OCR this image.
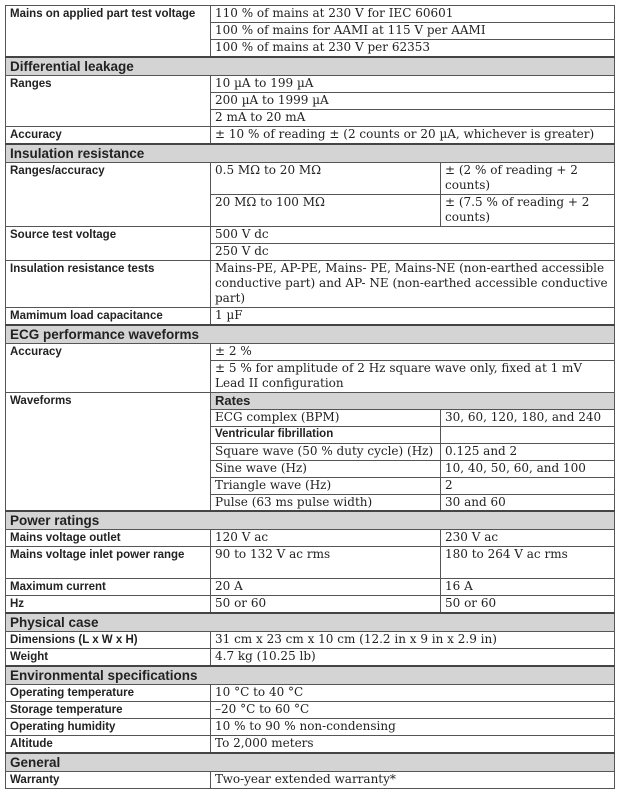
Mains on applied part test voltage	110 % of mains at 230 V for IEC 60601	
	100 % of mains for AAMI at 115 V per AAMI	
	100 % of mains at 230 V per 62353	
Differential leakage		
Ranges	10 µA to 199 µA	
	200 µA to 1999 µA	
	2 mA to 20 mA	
Accuracy	± 10 % of reading ± (2 counts or 20 µA, whichever is greater)	
Insulation resistance		
Ranges/accuracy	0.5 MΩ to 20 MΩ	± (2 % of reading + 2 counts)
	20 MΩ to 100 MΩ	± (7.5 % of reading + 2 counts)
Source test voltage	500 V dc	
	250 V dc	
Insulation resistance tests	Mains-PE, AP-PE, Mains- PE, Mains-NE (non-earthed accessible conductive part) and AP- NE (non-earthed accessible conductive part)	
Mamimum load capacitance	1 µF	
ECG performance waveforms		
Accuracy	± 2 %	
	± 5 % for amplitude of 2 Hz square wave only, fixed at 1 mV Lead II configuration	
Waveforms	Rates	
	ECG complex (BPM)	30, 60, 120, 180, and 240
	Ventricular fibrillation	
	Square wave (50 % duty cycle) (Hz)	0.125 and 2
	Sine wave (Hz)	10, 40, 50, 60, and 100
	Triangle wave (Hz)	2
	Pulse (63 ms pulse width)	30 and 60
Power ratings		
Mains voltage outlet	120 V ac	230 V ac
Mains voltage inlet power range	90 to 132 V ac rms	180 to 264 V ac rms
Maximum current	20 A	16 A
Hz	50 or 60	50 or 60
Physical case		
Dimensions (L x W x H)	31 cm x 23 cm x 10 cm (12.2 in x 9 in x 2.9 in)	
Weight	4.7 kg (10.25 lb)	
Environmental specifications		
Operating temperature	10 °C to 40 °C	
Storage temperature	–20 °C to 60 °C	
Operating humidity	10 % to 90 % non-condensing	
Altitude	To 2,000 meters	
General		
Warranty	Two-year extended warranty*	
